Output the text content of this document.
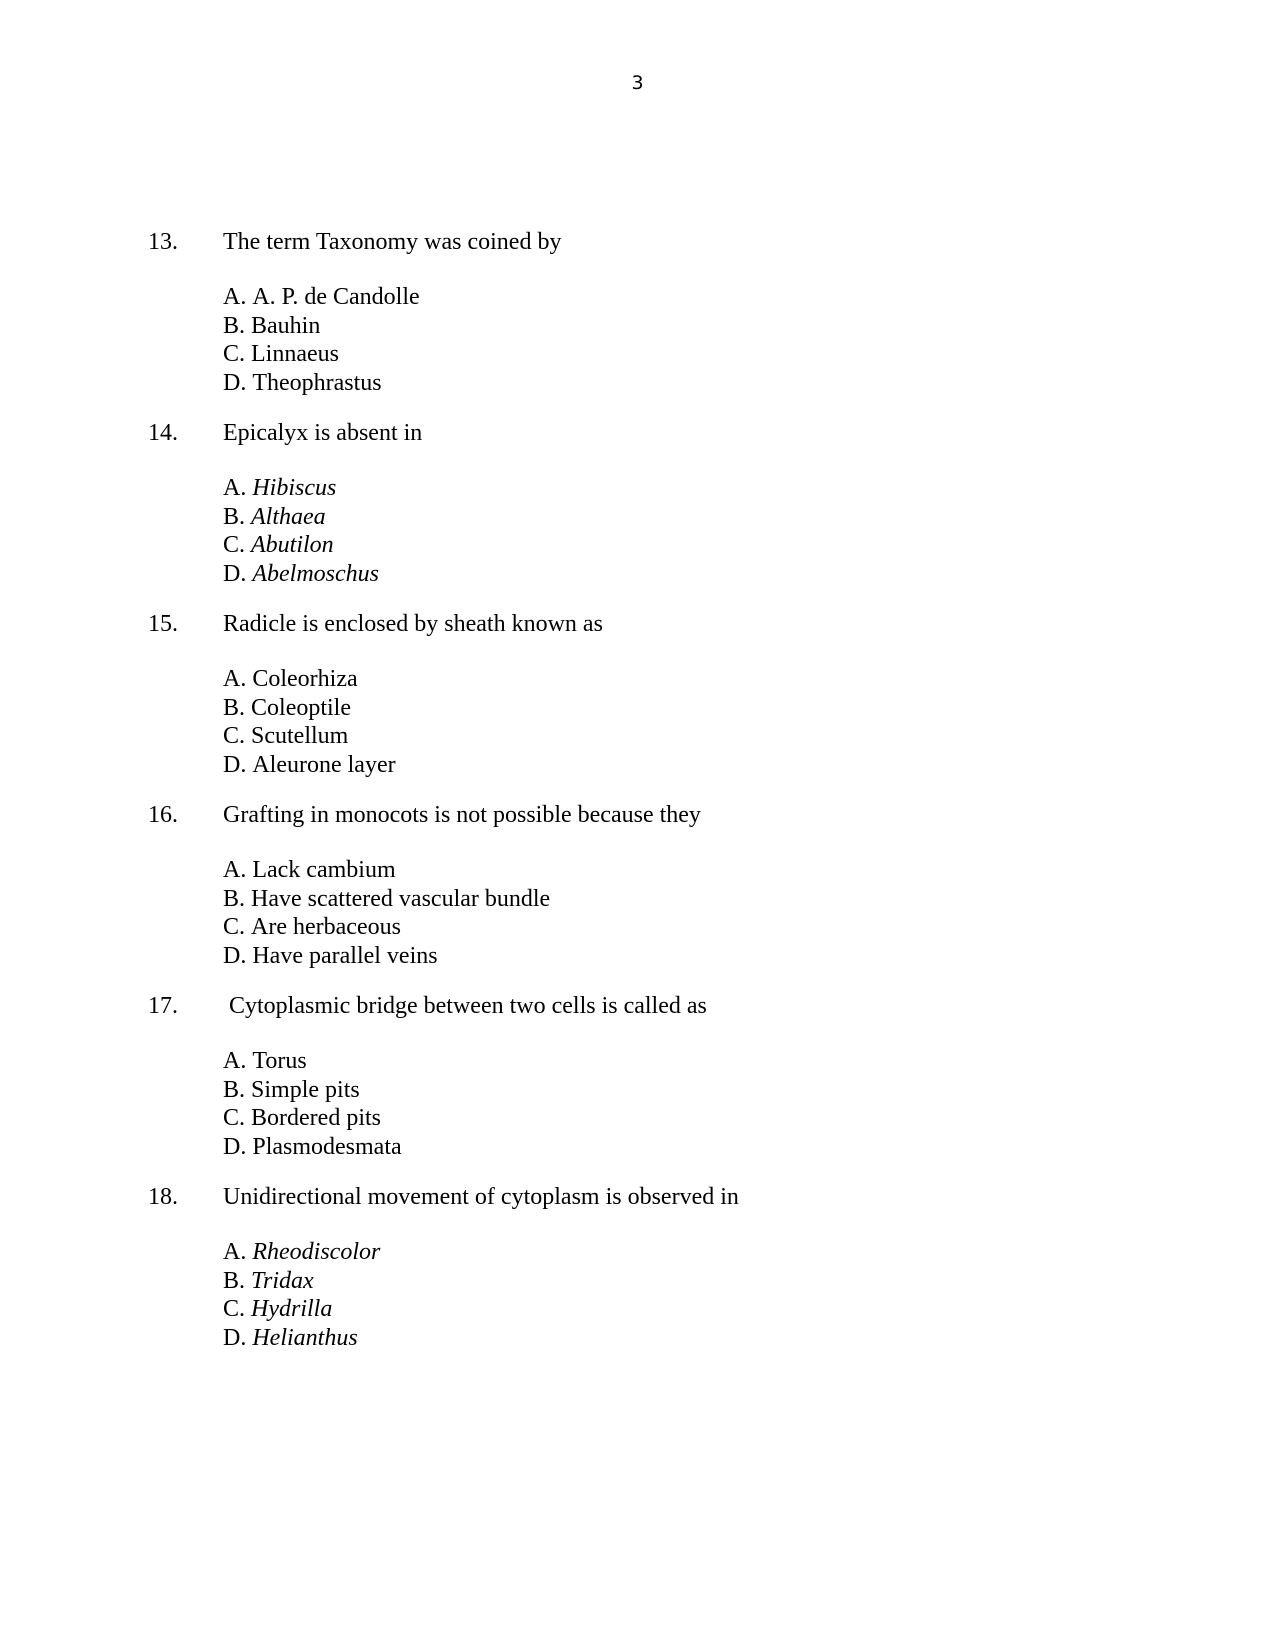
3
13.	The term Taxonomy was coined by
A. A. P. de Candolle
B. Bauhin
C. Linnaeus
D. Theophrastus
14.	Epicalyx is absent in
A. Hibiscus
B. Althaea
C. Abutilon
D. Abelmoschus
15.	Radicle is enclosed by sheath known as
A. Coleorhiza
B. Coleoptile
C. Scutellum
D. Aleurone layer
16.	Grafting in monocots is not possible because they
A. Lack cambium
B. Have scattered vascular bundle
C. Are herbaceous
D. Have parallel veins
17.	Cytoplasmic bridge between two cells is called as
A. Torus
B. Simple pits
C. Bordered pits
D. Plasmodesmata
18.	Unidirectional movement of cytoplasm is observed in
A. Rheodiscolor
B. Tridax
C. Hydrilla
D. Helianthus
